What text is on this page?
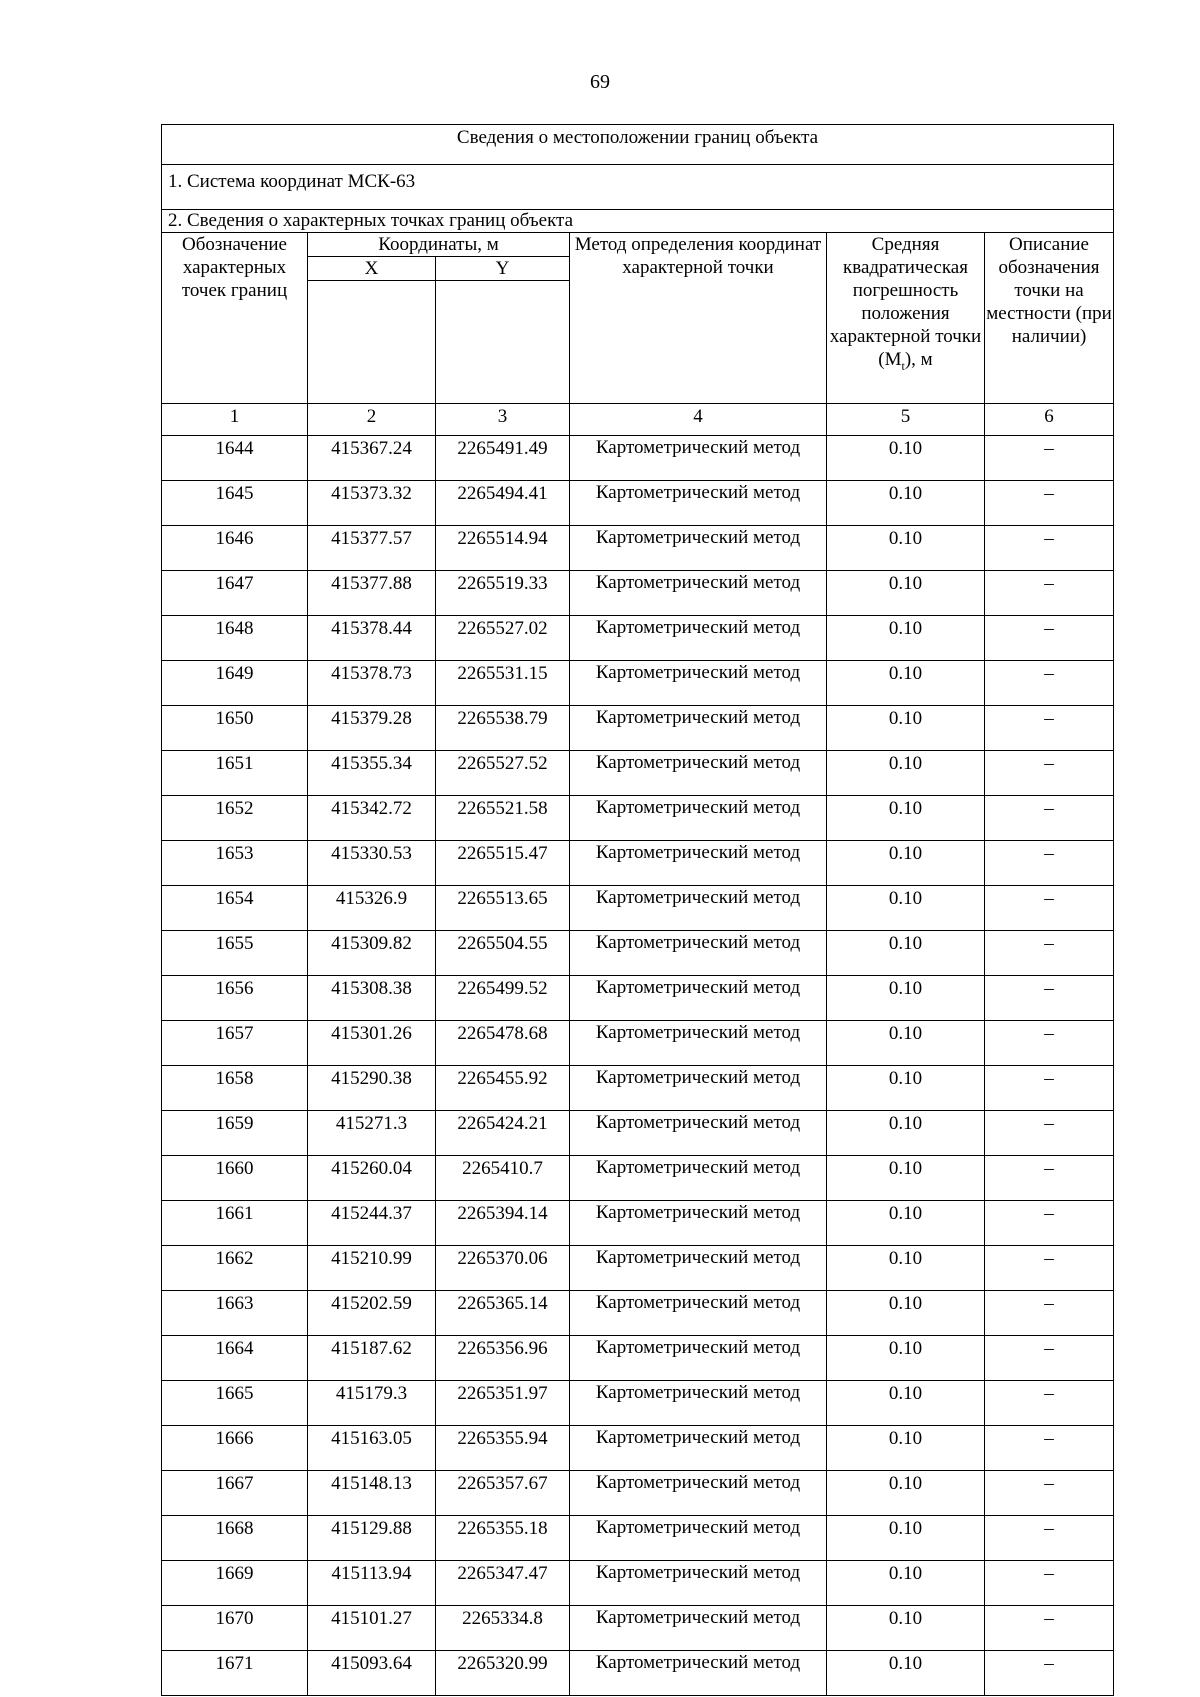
69
Сведения о местоположении границ объекта					
1. Система координат МСК-63					
2. Сведения о характерных точках границ объекта					
Обозначение характерных точек границ	Координаты, м		Метод определения координат характерной точки	Средняя квадратическая погрешность положения характерной точки $(M_t)$, м	Описание обозначения точки на местности (при наличии)
	X	Y			

1	2	3	4	5	6
1644	415367.24	2265491.49	Картометрический метод	0.10	–
1645	415373.32	2265494.41	Картометрический метод	0.10	–
1646	415377.57	2265514.94	Картометрический метод	0.10	–
1647	415377.88	2265519.33	Картометрический метод	0.10	–
1648	415378.44	2265527.02	Картометрический метод	0.10	–
1649	415378.73	2265531.15	Картометрический метод	0.10	–
1650	415379.28	2265538.79	Картометрический метод	0.10	–
1651	415355.34	2265527.52	Картометрический метод	0.10	–
1652	415342.72	2265521.58	Картометрический метод	0.10	–
1653	415330.53	2265515.47	Картометрический метод	0.10	–
1654	415326.9	2265513.65	Картометрический метод	0.10	–
1655	415309.82	2265504.55	Картометрический метод	0.10	–
1656	415308.38	2265499.52	Картометрический метод	0.10	–
1657	415301.26	2265478.68	Картометрический метод	0.10	–
1658	415290.38	2265455.92	Картометрический метод	0.10	–
1659	415271.3	2265424.21	Картометрический метод	0.10	–
1660	415260.04	2265410.7	Картометрический метод	0.10	–
1661	415244.37	2265394.14	Картометрический метод	0.10	–
1662	415210.99	2265370.06	Картометрический метод	0.10	–
1663	415202.59	2265365.14	Картометрический метод	0.10	–
1664	415187.62	2265356.96	Картометрический метод	0.10	–
1665	415179.3	2265351.97	Картометрический метод	0.10	–
1666	415163.05	2265355.94	Картометрический метод	0.10	–
1667	415148.13	2265357.67	Картометрический метод	0.10	–
1668	415129.88	2265355.18	Картометрический метод	0.10	–
1669	415113.94	2265347.47	Картометрический метод	0.10	–
1670	415101.27	2265334.8	Картометрический метод	0.10	–
1671	415093.64	2265320.99	Картометрический метод	0.10	–
